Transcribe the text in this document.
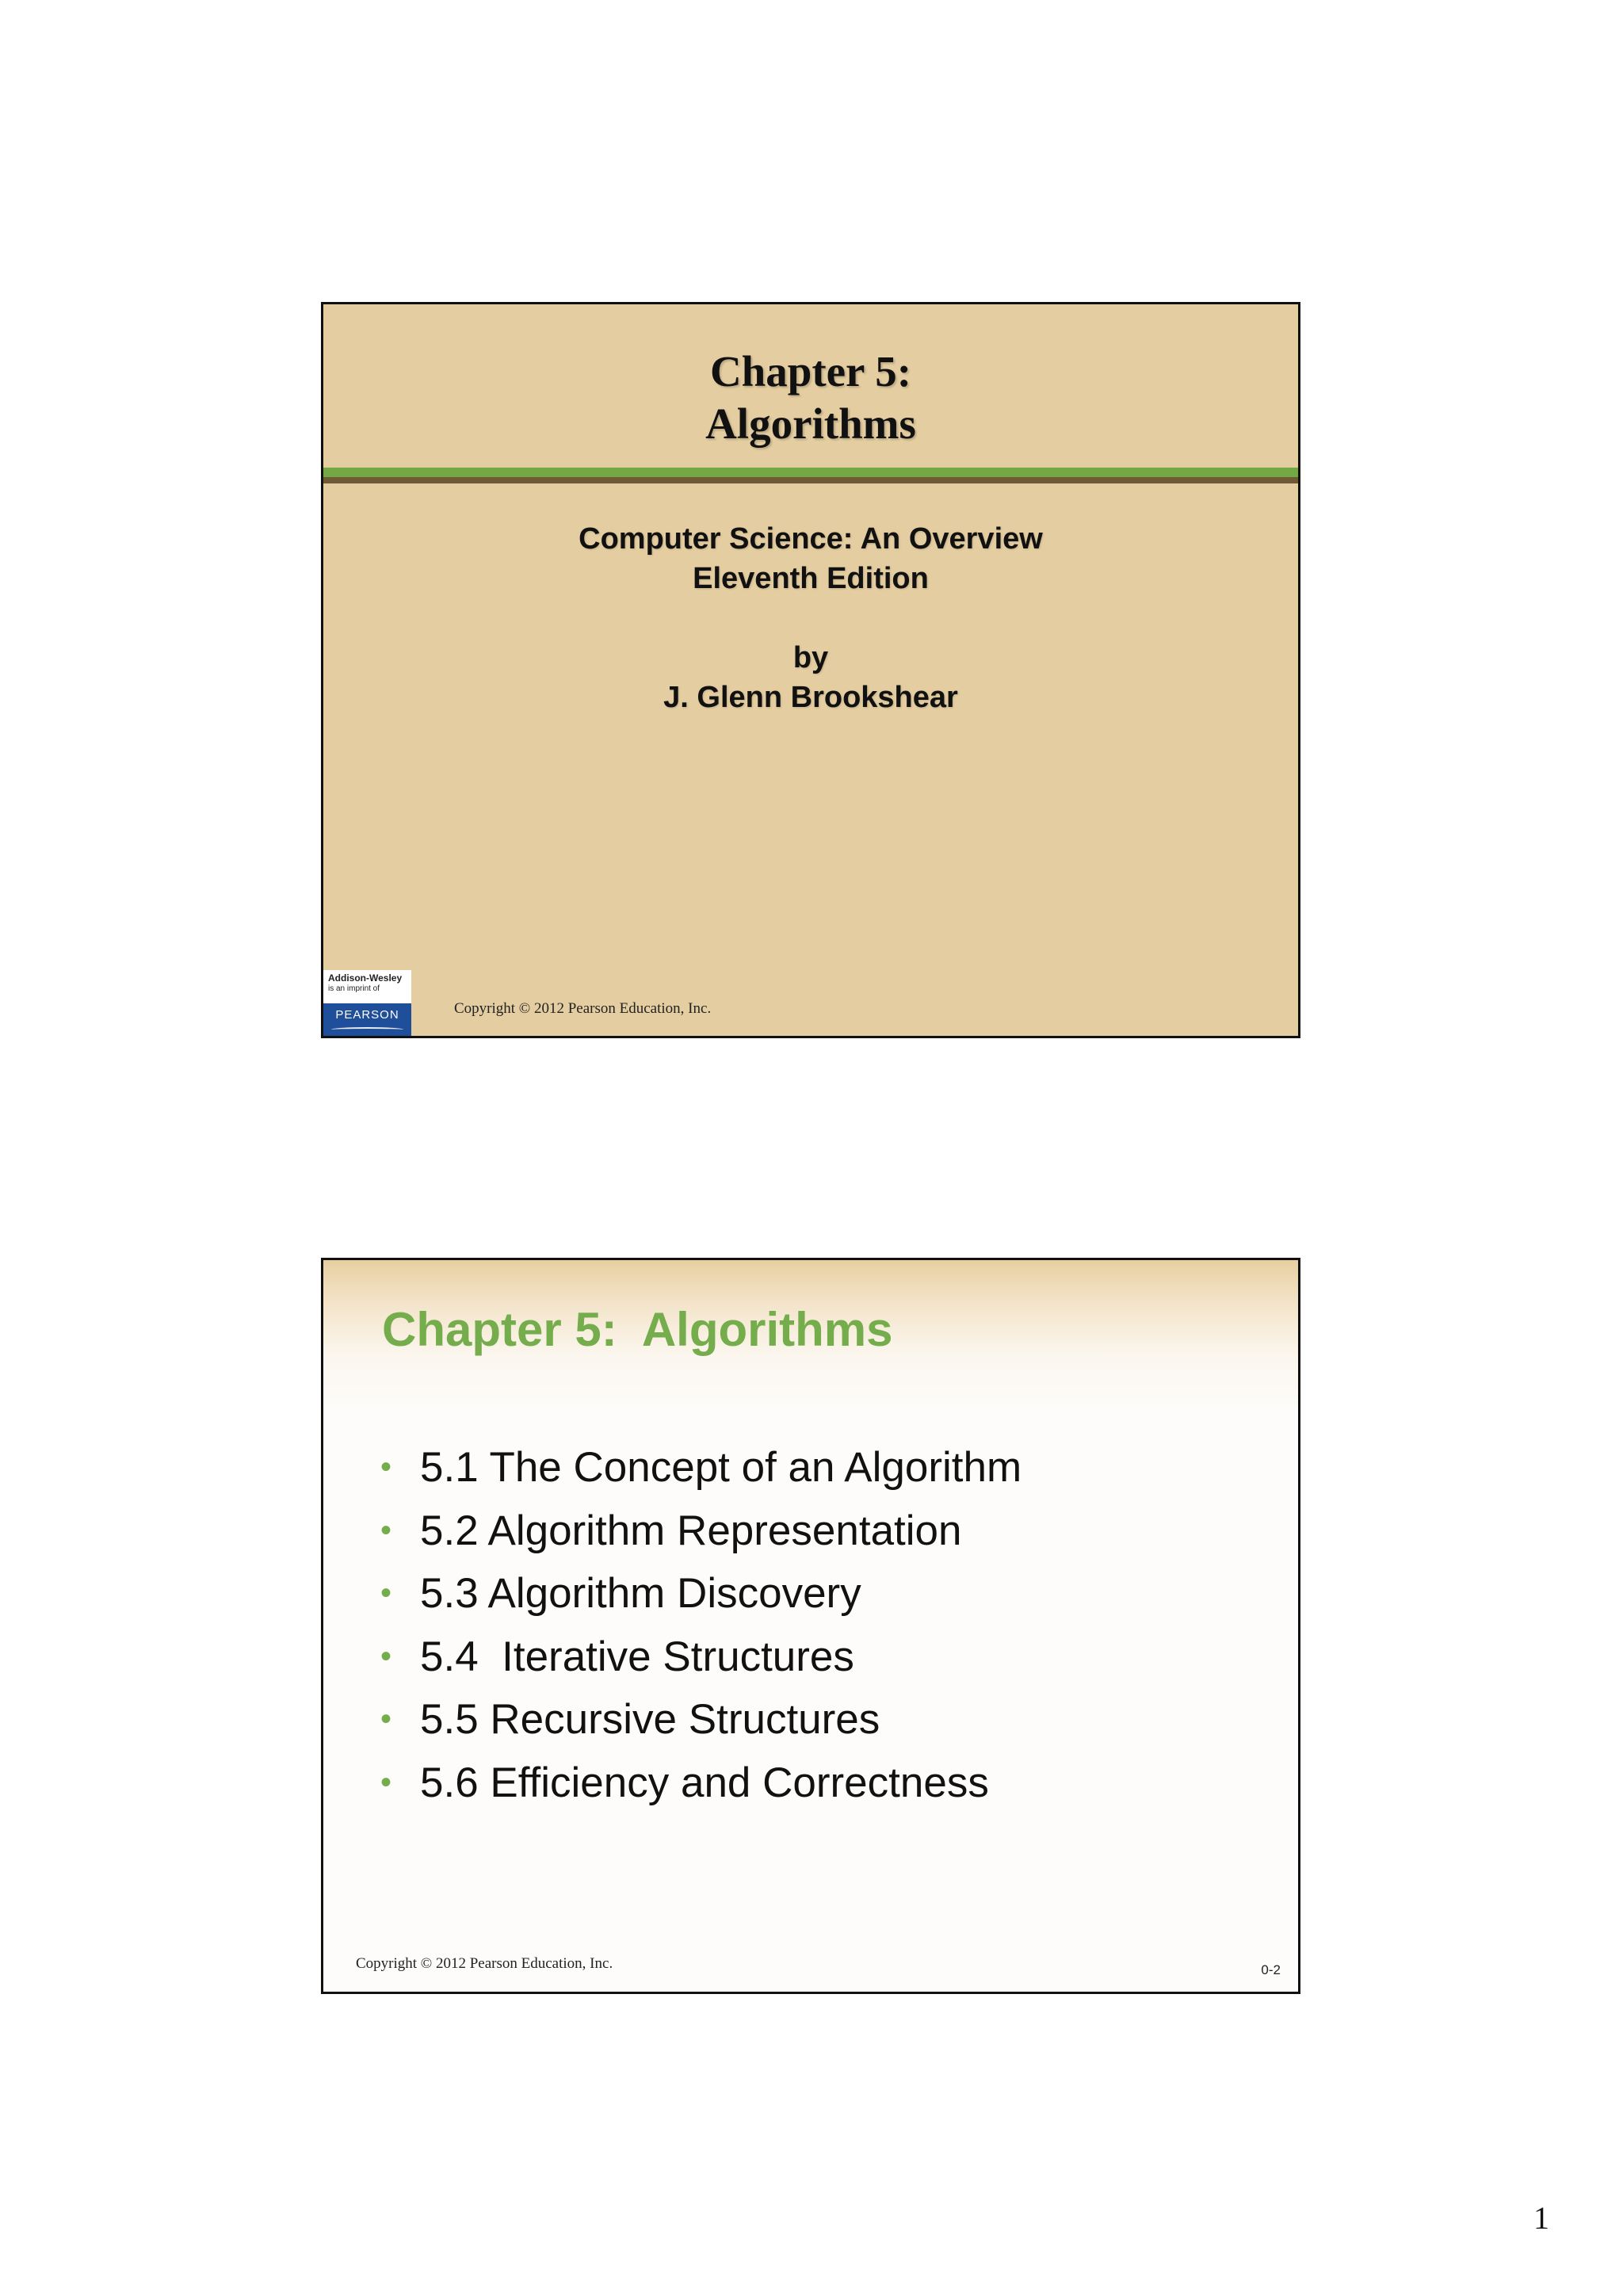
Chapter 5:
Algorithms
Computer Science: An Overview
Eleventh Edition
by
J. Glenn Brookshear
Addison-Wesley
is an imprint of
PEARSON	Copyright © 2012 Pearson Education, Inc.
Chapter 5:  Algorithms
• 5.1 The Concept of an Algorithm
• 5.2 Algorithm Representation
• 5.3 Algorithm Discovery
• 5.4  Iterative Structures
• 5.5 Recursive Structures
• 5.6 Efficiency and Correctness
Copyright © 2012 Pearson Education, Inc.	0-2
1
